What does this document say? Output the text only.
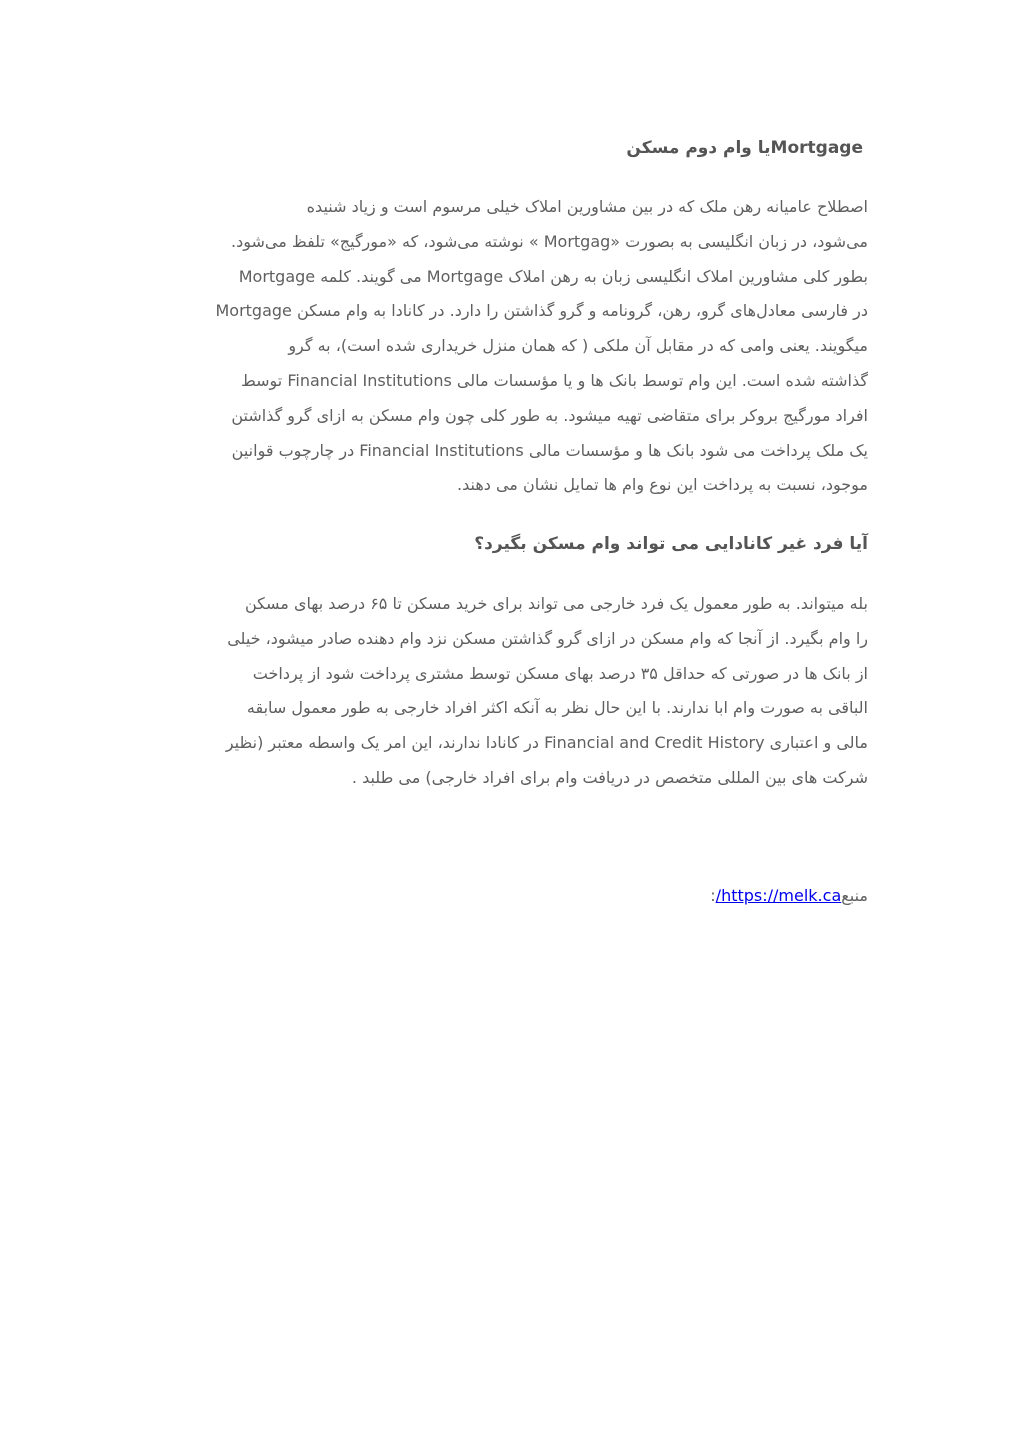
Mortgageیا وام دوم مسکن

اصطلاح عامیانه رهن ملک که در بین مشاورین املاک خیلی مرسوم است و زیاد شنیده
می‌شود، در زبان انگلیسی به بصورت «Mortgag » نوشته می‌شود، که «مورگیج» تلفظ می‌شود.
بطور کلی مشاورین املاک انگلیسی زبان به رهن املاک Mortgage می گویند. کلمه Mortgage
در فارسی معادل‌های گرو، رهن، گرونامه و گرو گذاشتن را دارد. در کانادا به وام مسکن Mortgage
میگویند. یعنی وامی که در مقابل آن ملکی ( که همان منزل خریداری شده است)، به گرو
گذاشته شده است. این وام توسط بانک ها و یا مؤسسات مالی Financial Institutions توسط
افراد مورگیج بروکر برای متقاضی تهیه میشود. به طور کلی چون وام مسکن به ازای گرو گذاشتن
یک ملک پرداخت می شود بانک ها و مؤسسات مالی Financial Institutions در چارچوب قوانین
موجود، نسبت به پرداخت این نوع وام ها تمایل نشان می دهند.

آیا فرد غیر کانادایی می تواند وام مسکن بگیرد؟

بله میتواند. به طور معمول یک فرد خارجی می تواند برای خرید مسکن تا ۶۵ درصد بهای مسکن
را وام بگیرد. از آنجا که وام مسکن در ازای گرو گذاشتن مسکن نزد وام دهنده صادر میشود، خیلی
از بانک ها در صورتی که حداقل ۳۵ درصد بهای مسکن توسط مشتری پرداخت شود از پرداخت
الباقی به صورت وام ابا ندارند. با این حال نظر به آنکه اکثر افراد خارجی به طور معمول سابقه
مالی و اعتباری Financial and Credit History در کانادا ندارند، این امر یک واسطه معتبر (نظیر
شرکت های بین المللی متخصص در دریافت وام برای افراد خارجی) می طلبد .

منبعhttps://melk.ca/:
